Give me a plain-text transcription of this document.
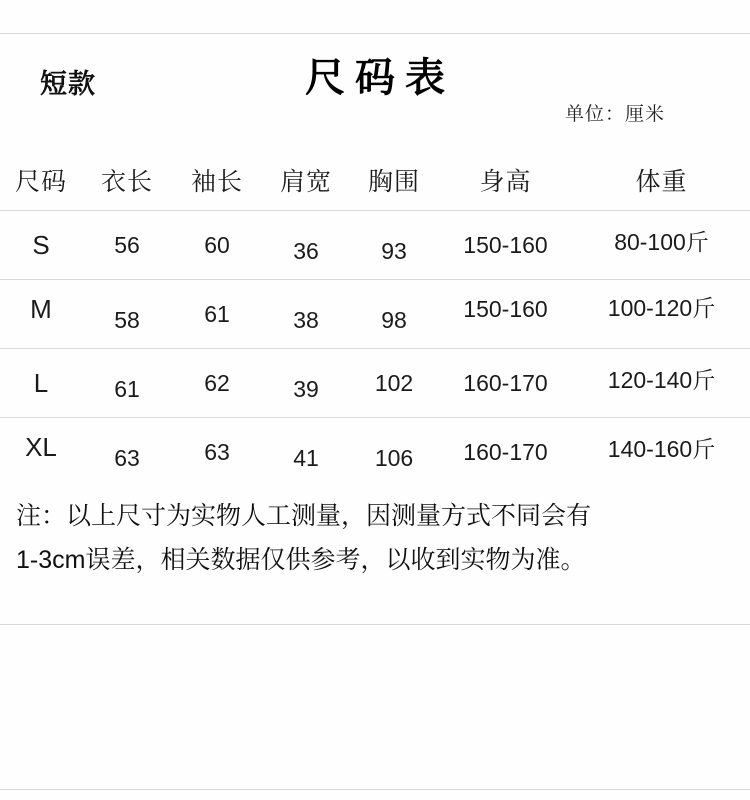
短款	尺码表
单位：厘米
尺码	衣长	袖长	肩宽	胸围	身高	体重
S	56	60	36	93	150-160	80-100斤
M	58	61	38	98	150-160	100-120斤
L	61	62	39	102	160-170	120-140斤
XL	63	63	41	106	160-170	140-160斤
注：以上尺寸为实物人工测量，因测量方式不同会有
1-3cm误差，相关数据仅供参考，以收到实物为准。
